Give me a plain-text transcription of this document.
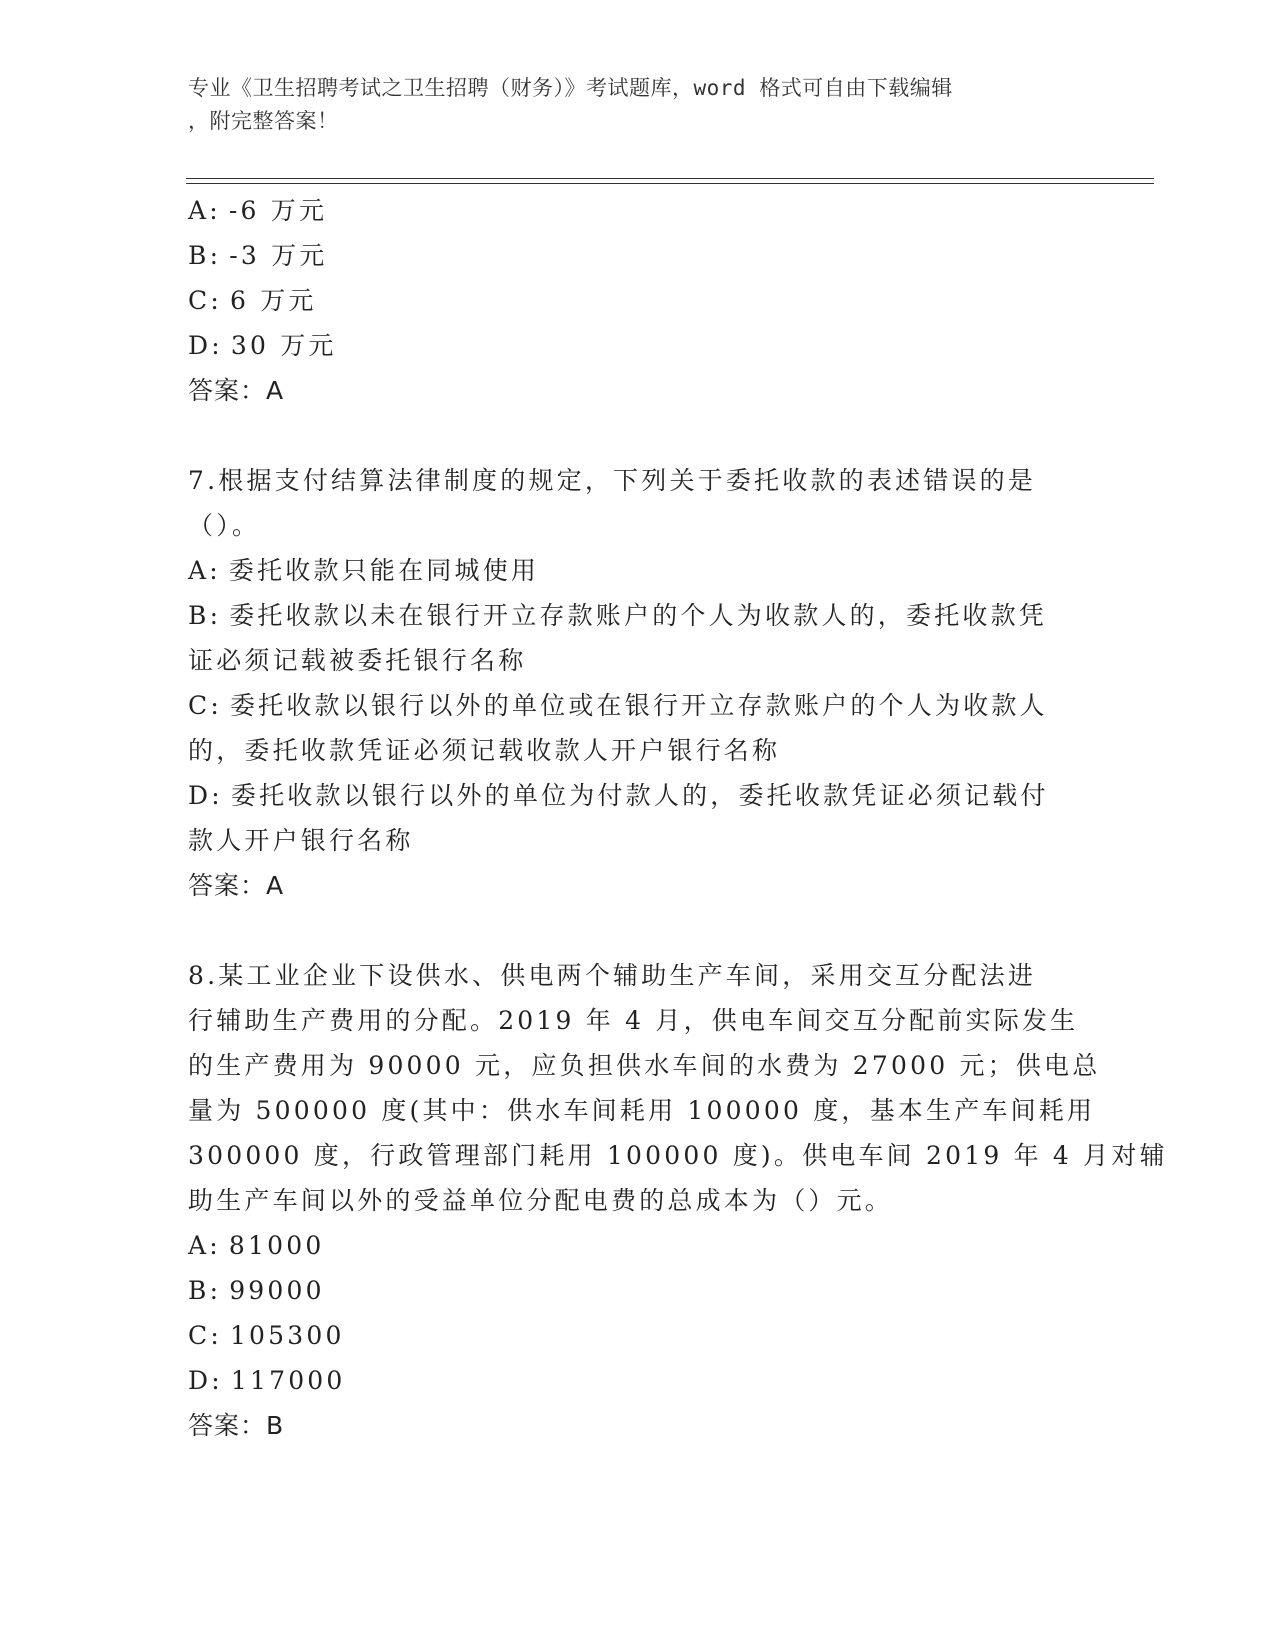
专业《卫生招聘考试之卫生招聘（财务）》考试题库，word 格式可自由下载编辑
，附完整答案！
A: -6 万元
B: -3 万元
C: 6 万元
D: 30 万元
答案：A
7.根据支付结算法律制度的规定，下列关于委托收款的表述错误的是
（）。
A: 委托收款只能在同城使用
B: 委托收款以未在银行开立存款账户的个人为收款人的，委托收款凭
证必须记载被委托银行名称
C: 委托收款以银行以外的单位或在银行开立存款账户的个人为收款人
的，委托收款凭证必须记载收款人开户银行名称
D: 委托收款以银行以外的单位为付款人的，委托收款凭证必须记载付
款人开户银行名称
答案：A
8.某工业企业下设供水、供电两个辅助生产车间，采用交互分配法进
行辅助生产费用的分配。2019 年 4 月，供电车间交互分配前实际发生
的生产费用为 90000 元，应负担供水车间的水费为 27000 元；供电总
量为 500000 度(其中：供水车间耗用 100000 度，基本生产车间耗用
300000 度，行政管理部门耗用 100000 度)。供电车间 2019 年 4 月对辅
助生产车间以外的受益单位分配电费的总成本为（）元。
A: 81000
B: 99000
C: 105300
D: 117000
答案：B
